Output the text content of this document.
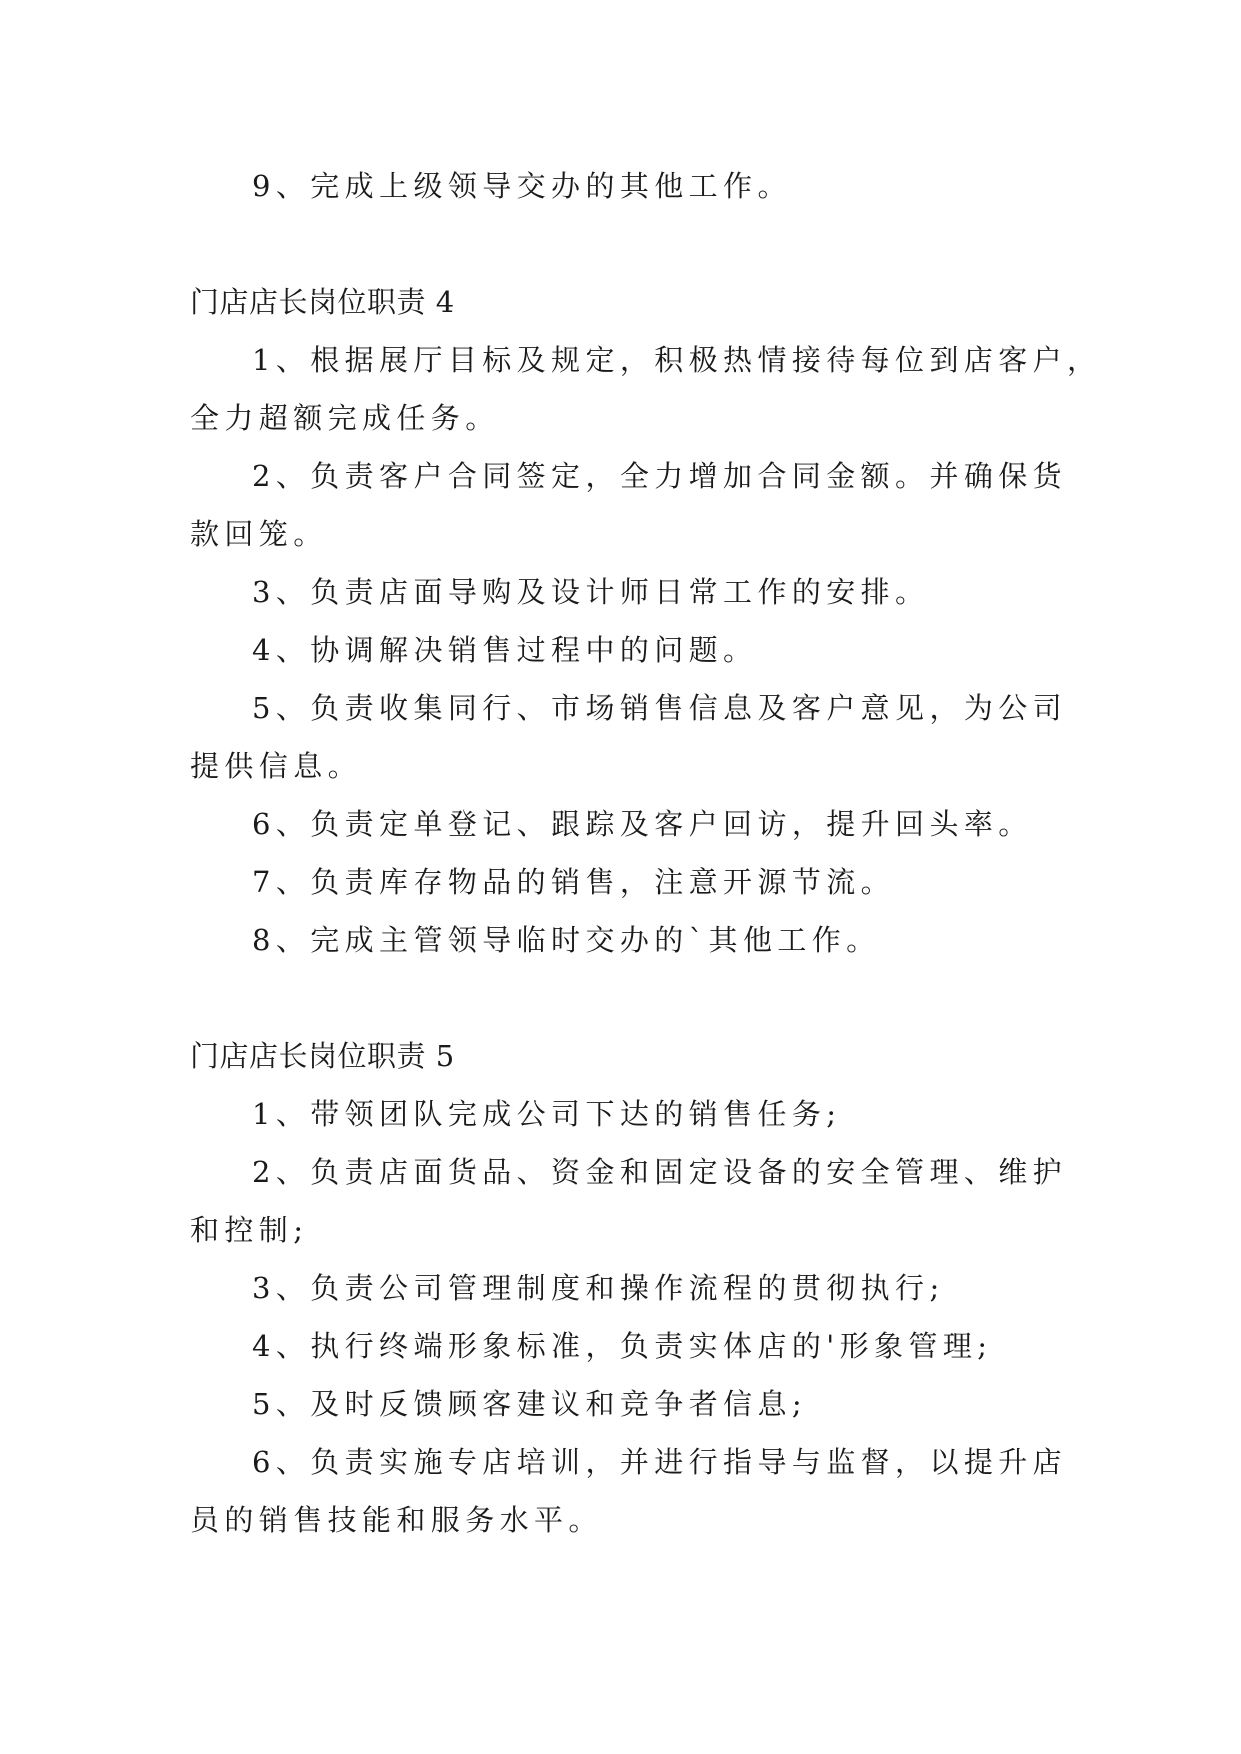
9、完成上级领导交办的其他工作。
门店店长岗位职责 4
1、根据展厅目标及规定，积极热情接待每位到店客户，
全力超额完成任务。
2、负责客户合同签定，全力增加合同金额。并确保货
款回笼。
3、负责店面导购及设计师日常工作的安排。
4、协调解决销售过程中的问题。
5、负责收集同行、市场销售信息及客户意见，为公司
提供信息。
6、负责定单登记、跟踪及客户回访，提升回头率。
7、负责库存物品的销售，注意开源节流。
8、完成主管领导临时交办的`其他工作。
门店店长岗位职责 5
1、带领团队完成公司下达的销售任务;
2、负责店面货品、资金和固定设备的安全管理、维护
和控制;
3、负责公司管理制度和操作流程的贯彻执行;
4、执行终端形象标准，负责实体店的'形象管理;
5、及时反馈顾客建议和竞争者信息;
6、负责实施专店培训，并进行指导与监督，以提升店
员的销售技能和服务水平。
